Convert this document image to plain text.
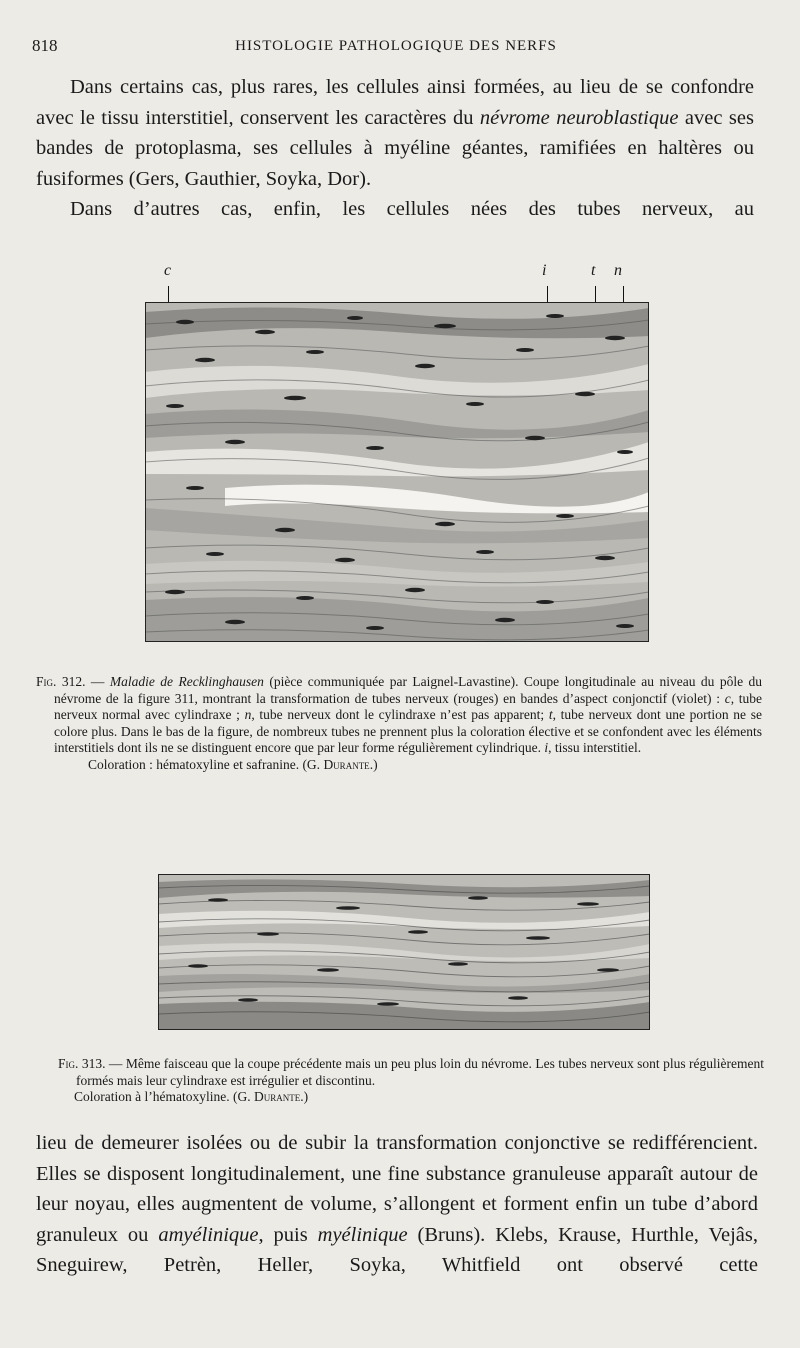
818	HISTOLOGIE PATHOLOGIQUE DES NERFS

Dans certains cas, plus rares, les cellules ainsi formées, au lieu de se confondre avec le tissu interstitiel, conservent les caractères du névrome neuroblastique avec ses bandes de protoplasma, ses cellules à myéline géantes, ramifiées en haltères ou fusiformes (Gers, Gauthier, Soyka, Dor).

Dans d’autres cas, enfin, les cellules nées des tubes nerveux, au

c	i	t n

Fig. 312. — Maladie de Recklinghausen (pièce communiquée par Laignel-Lavastine). Coupe longitudinale au niveau du pôle du névrome de la figure 311, montrant la transformation de tubes nerveux (rouges) en bandes d’aspect conjonctif (violet) : c, tube nerveux normal avec cylindraxe ; n, tube nerveux dont le cylindraxe n’est pas apparent; t, tube nerveux dont une portion ne se colore plus. Dans le bas de la figure, de nombreux tubes ne prennent plus la coloration élective et se confondent avec les éléments interstitiels dont ils ne se distinguent encore que par leur forme régulièrement cylindrique. i, tissu interstitiel.

Coloration : hématoxyline et safranine. (G. Durante.)

Fig. 313. — Même faisceau que la coupe précédente mais un peu plus loin du névrome. Les tubes nerveux sont plus régulièrement formés mais leur cylindraxe est irrégulier et discontinu.

Coloration à l’hématoxyline. (G. Durante.)

lieu de demeurer isolées ou de subir la transformation conjonctive se redifférencient. Elles se disposent longitudinalement, une fine substance granuleuse apparaît autour de leur noyau, elles augmentent de volume, s’allongent et forment enfin un tube d’abord granuleux ou amyélinique, puis myélinique (Bruns). Klebs, Krause, Hurthle, Vejâs, Sneguirew, Petrèn, Heller, Soyka, Whitfield ont observé cette
